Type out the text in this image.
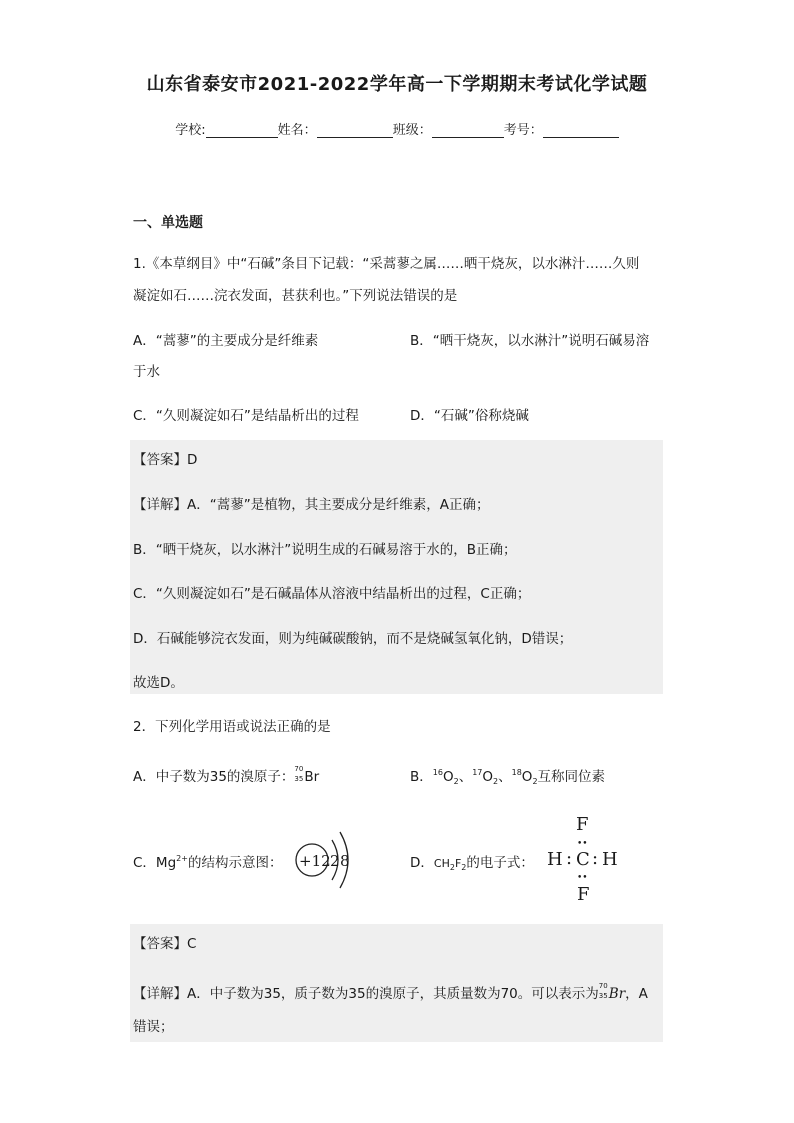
山东省泰安市2021-2022学年高一下学期期末考试化学试题
学校:	姓名：	班级：	考号：
一、单选题
1.《本草纲目》中“石碱”条目下记载：“采蒿蓼之属……晒干烧灰，以水淋汁……久则
凝淀如石……浣衣发面，甚获利也。”下列说法错误的是
A．“蒿蓼”的主要成分是纤维素	B．“晒干烧灰，以水淋汁”说明石碱易溶
于水
C．“久则凝淀如石”是结晶析出的过程	D．“石碱”俗称烧碱
【答案】D
【详解】A．“蒿蓼”是植物，其主要成分是纤维素，A正确；
B．“晒干烧灰，以水淋汁”说明生成的石碱易溶于水的，B正确；
C．“久则凝淀如石”是石碱晶体从溶液中结晶析出的过程，C正确；
D．石碱能够浣衣发面，则为纯碱碳酸钠，而不是烧碱氢氧化钠，D错误；
故选D。
2．下列化学用语或说法正确的是
A．中子数为35的溴原子： 70
35 Br	B．$^{16}O_2$、$^{17}O_2$、$^{18}O_2$互称同位素
C．$Mg^{2+}$的结构示意图： +12 2 8	D．$CH_2F_2$的电子式：
F
••
H : C : H
••
F
【答案】C
【详解】A．中子数为35，质子数为35的溴原子，其质量数为70。可以表示为 70
35 Br，A
错误；
